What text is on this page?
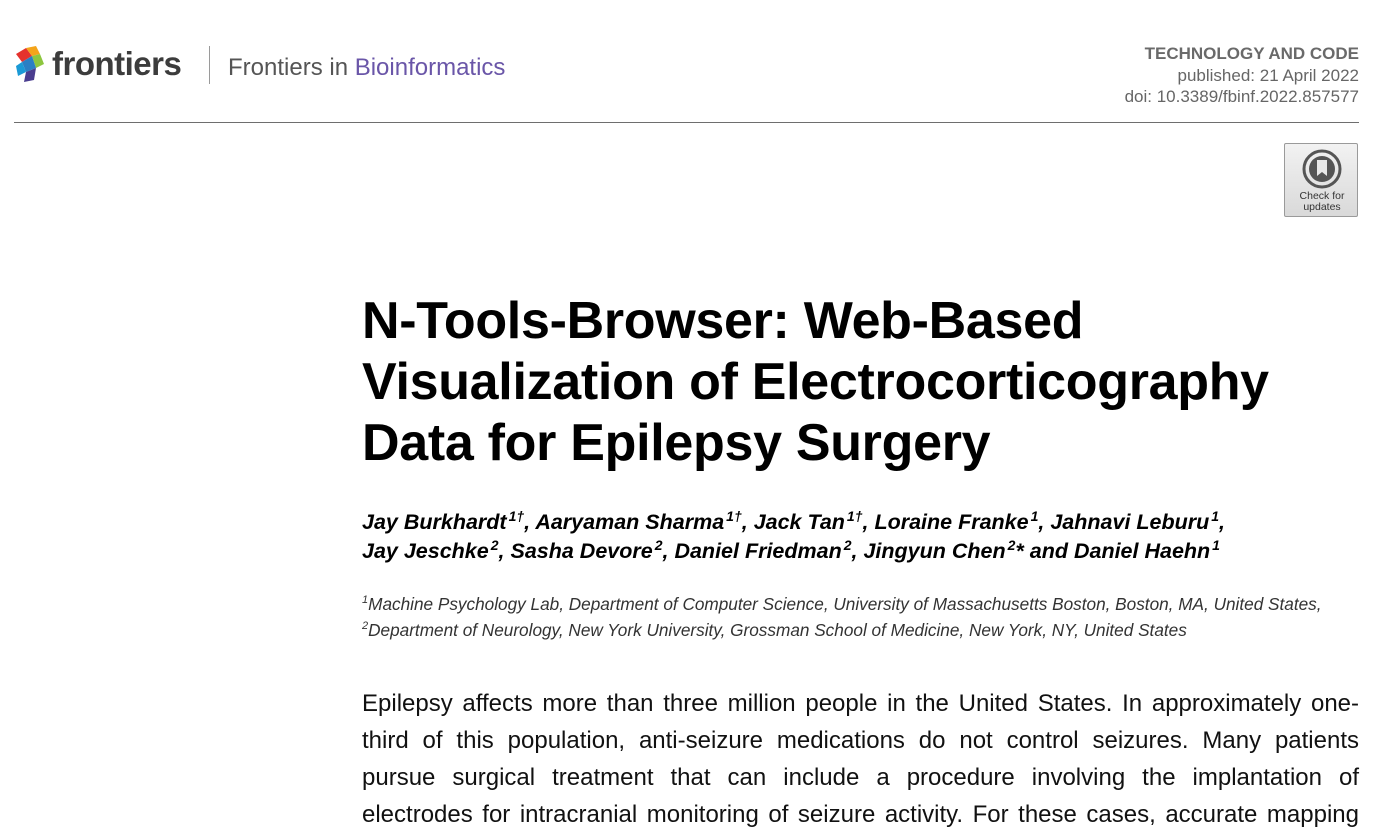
frontiers Frontiers in Bioinformatics
TECHNOLOGY AND CODE
published: 21 April 2022
doi: 10.3389/fbinf.2022.857577
Check for
updates
N-Tools-Browser: Web-Based
Visualization of Electrocorticography
Data for Epilepsy Surgery
Jay Burkhardt $^{1\dagger}$, Aaryaman Sharma $^{1\dagger}$, Jack Tan $^{1\dagger}$, Loraine Franke $^1$, Jahnavi Leburu $^1$,
Jay Jeschke $^2$, Sasha Devore $^2$, Daniel Friedman $^2$, Jingyun Chen $^2$* and Daniel Haehn $^1$
$^1$Machine Psychology Lab, Department of Computer Science, University of Massachusetts Boston, Boston, MA, United States,
$^2$Department of Neurology, New York University, Grossman School of Medicine, New York, NY, United States
Epilepsy affects more than three million people in the United States. In approximately one-
third of this population, anti-seizure medications do not control seizures. Many patients
pursue surgical treatment that can include a procedure involving the implantation of
electrodes for intracranial monitoring of seizure activity. For these cases, accurate mapping
